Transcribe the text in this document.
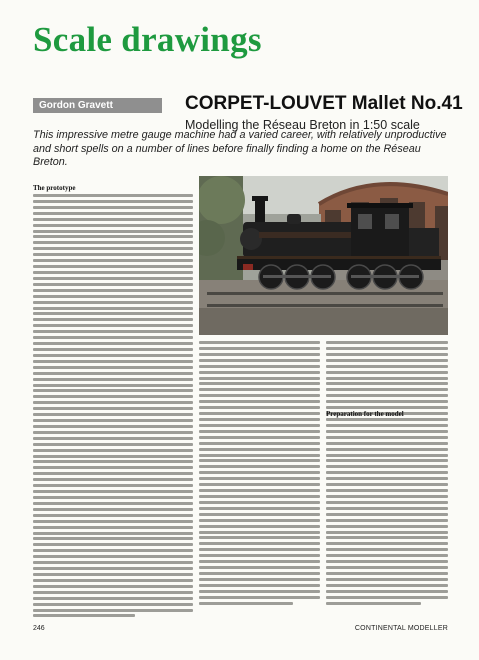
Scale drawings
Gordon Gravett	CORPET-LOUVET Mallet No.41

Modelling the Réseau Breton in 1:50 scale

This impressive metre gauge machine had a varied career, with relatively unproductive and short spells on a number of lines before finally finding a home on the Réseau Breton.

The prototype
Preparation for the model
246	CONTINENTAL MODELLER
